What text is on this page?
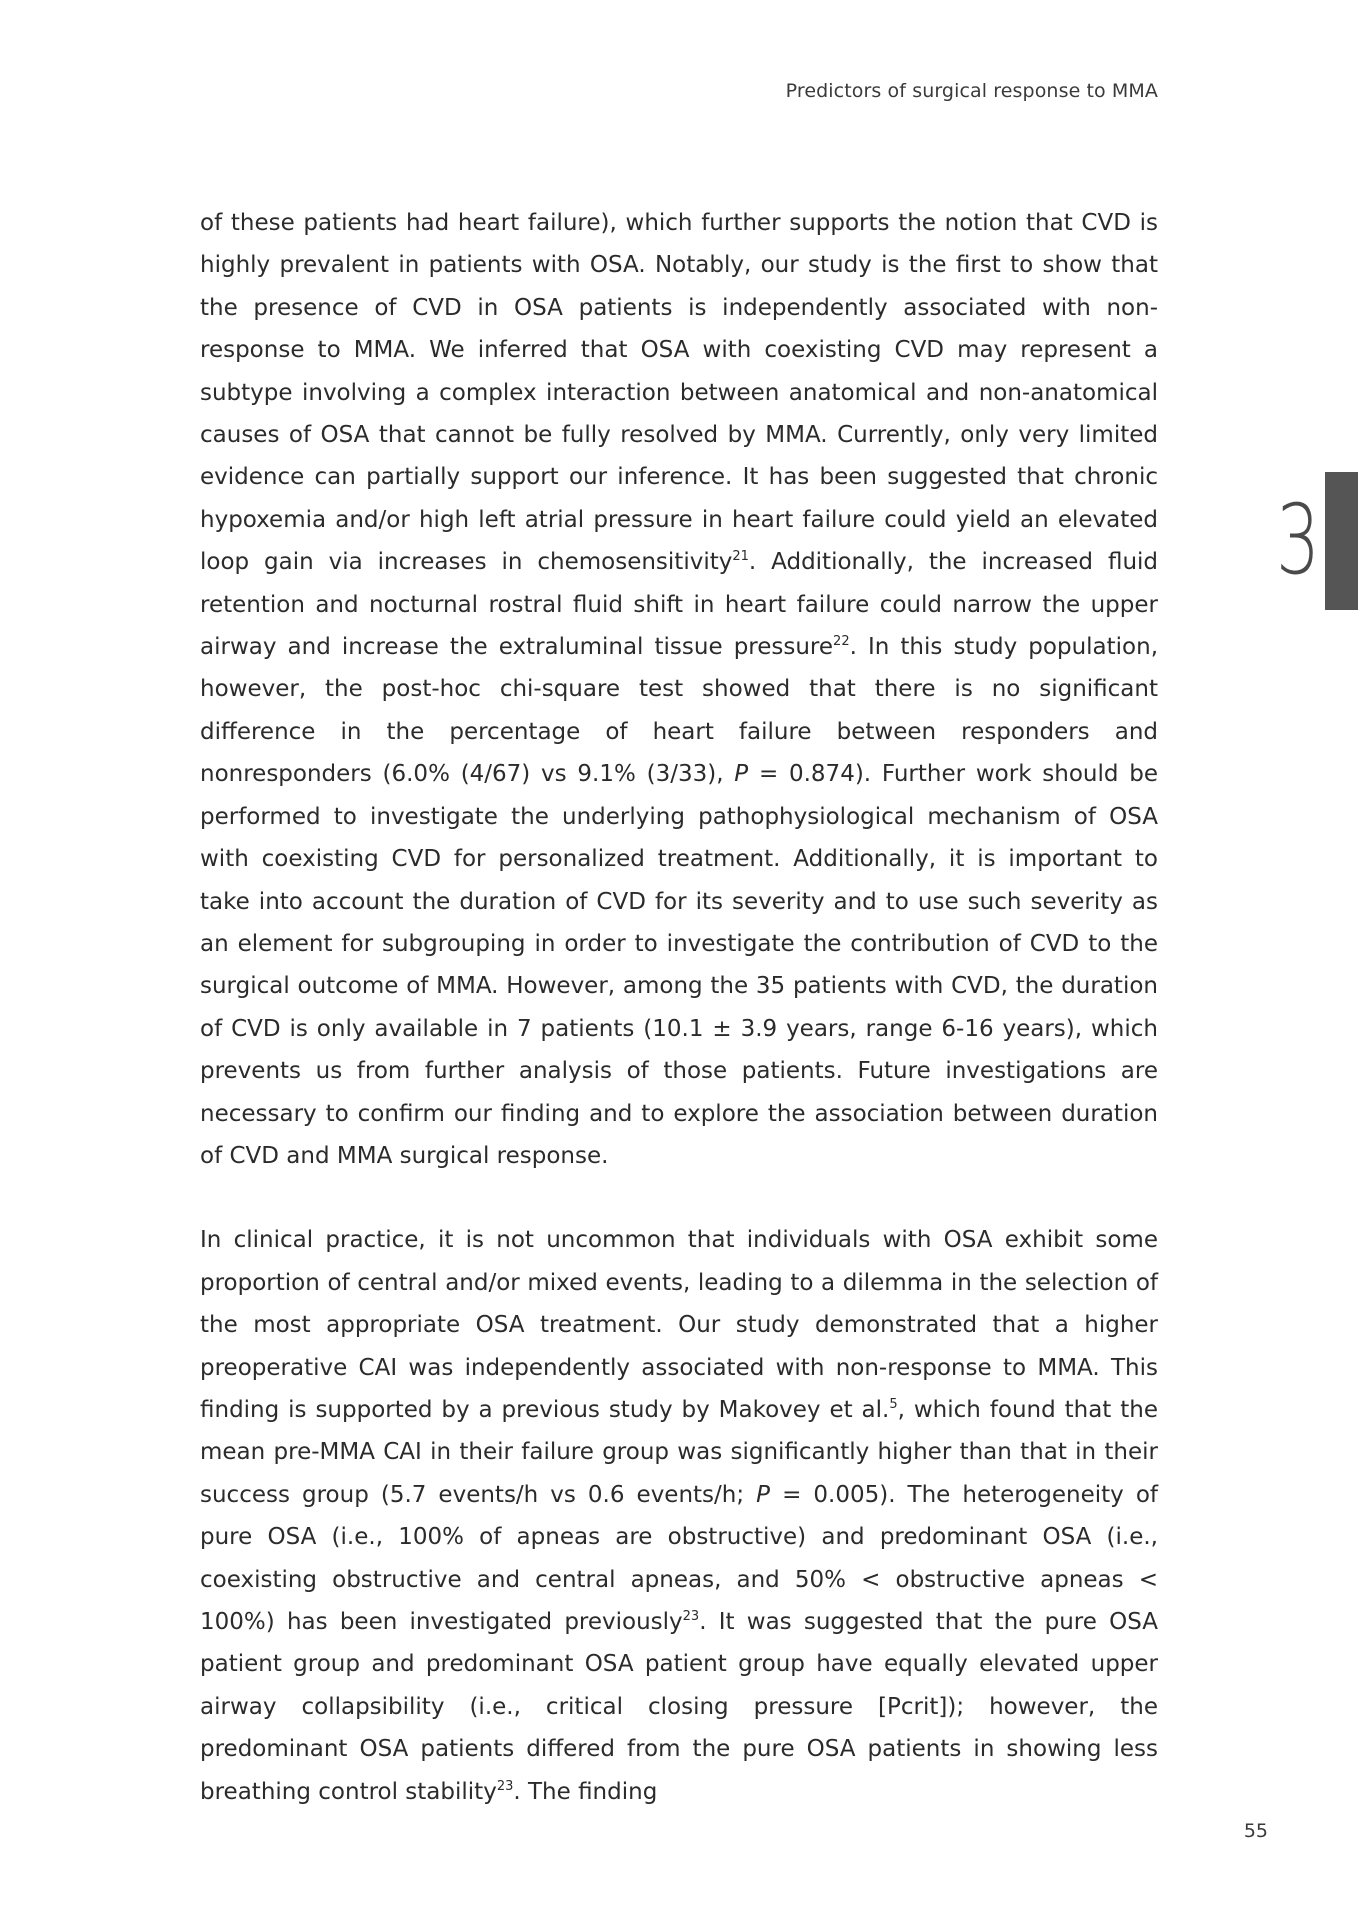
Predictors of surgical response to MMA
3

of these patients had heart failure), which further supports the notion that CVD is highly prevalent in patients with OSA. Notably, our study is the first to show that the presence of CVD in OSA patients is independently associated with non-response to MMA. We inferred that OSA with coexisting CVD may represent a subtype involving a complex interaction between anatomical and non-anatomical causes of OSA that cannot be fully resolved by MMA. Currently, only very limited evidence can partially support our inference. It has been suggested that chronic hypoxemia and/or high left atrial pressure in heart failure could yield an elevated loop gain via increases in chemosensitivity$^{21}$. Additionally, the increased fluid retention and nocturnal rostral fluid shift in heart failure could narrow the upper airway and increase the extraluminal tissue pressure$^{22}$. In this study population, however, the post-hoc chi-square test showed that there is no significant difference in the percentage of heart failure between responders and nonresponders (6.0% (4/67) vs 9.1% (3/33), P = 0.874). Further work should be performed to investigate the underlying pathophysiological mechanism of OSA with coexisting CVD for personalized treatment. Additionally, it is important to take into account the duration of CVD for its severity and to use such severity as an element for subgrouping in order to investigate the contribution of CVD to the surgical outcome of MMA. However, among the 35 patients with CVD, the duration of CVD is only available in 7 patients (10.1 ± 3.9 years, range 6-16 years), which prevents us from further analysis of those patients. Future investigations are necessary to confirm our finding and to explore the association between duration of CVD and MMA surgical response.

In clinical practice, it is not uncommon that individuals with OSA exhibit some proportion of central and/or mixed events, leading to a dilemma in the selection of the most appropriate OSA treatment. Our study demonstrated that a higher preoperative CAI was independently associated with non-response to MMA. This finding is supported by a previous study by Makovey et al.$^5$, which found that the mean pre-MMA CAI in their failure group was significantly higher than that in their success group (5.7 events/h vs 0.6 events/h; P = 0.005). The heterogeneity of pure OSA (i.e., 100% of apneas are obstructive) and predominant OSA (i.e., coexisting obstructive and central apneas, and 50% < obstructive apneas < 100%) has been investigated previously$^{23}$. It was suggested that the pure OSA patient group and predominant OSA patient group have equally elevated upper airway collapsibility (i.e., critical closing pressure [Pcrit]); however, the predominant OSA patients differed from the pure OSA patients in showing less breathing control stability$^{23}$. The finding

55
